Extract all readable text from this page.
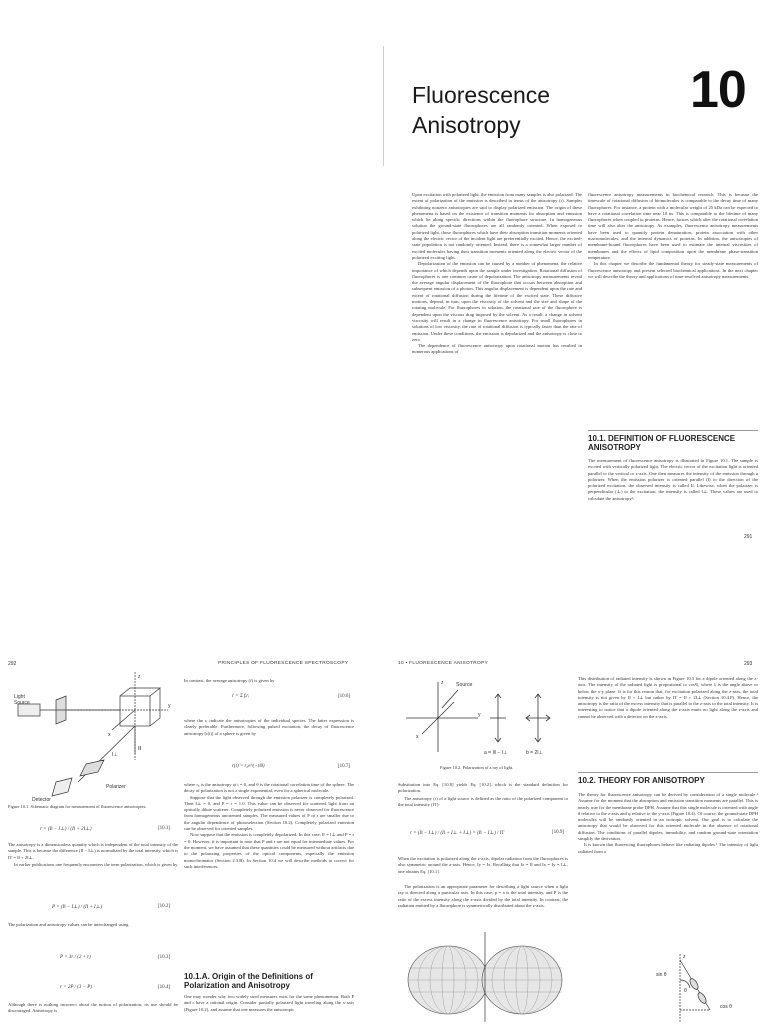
10
Fluorescence
Anisotropy

Upon excitation with polarized light, the emission from many samples is also polarized. The extent of polarization of the emission is described in terms of the anisotropy (r). Samples exhibiting nonzero anisotropies are said to display polarized emission. The origin of these phenomena is based on the existence of transition moments for absorption and emission which lie along specific directions within the fluorophore structure. In homogeneous solution the ground-state fluorophores are all randomly oriented. When exposed to polarized light, those fluorophores which have their absorption transition moments oriented along the electric vector of the incident light are preferentially excited. Hence, the excited-state population is not randomly oriented. Instead, there is a somewhat larger number of excited molecules having their transition moments oriented along the electric vector of the polarized exciting light.

Depolarization of the emission can be caused by a number of phenomena, the relative importance of which depends upon the sample under investigation. Rotational diffusion of fluorophores is one common cause of depolarization. The anisotropy measurements reveal the average angular displacement of the fluorophore that occurs between absorption and subsequent emission of a photon. This angular displacement is dependent upon the rate and extent of rotational diffusion during the lifetime of the excited state. These diffusive motions, depend, in turn, upon the viscosity of the solvent and the size and shape of the rotating molecule. For fluorophores in solution, the rotational rate of the fluorophore is dependent upon the viscous drag imposed by the solvent. As a result, a change in solvent viscosity will result in a change in fluorescence anisotropy. For small fluorophores in solutions of low viscosity, the rate of rotational diffusion is typically faster than the rate of emission. Under these conditions, the emission is depolarized and the anisotropy is close to zero.

The dependence of fluorescence anisotropy upon rotational motion has resulted in numerous applications of

fluorescence anisotropy measurements in biochemical research. This is because the timescale of rotational diffusion of biomolecules is comparable to the decay time of many fluorophores. For instance, a protein with a molecular weight of 25 kDa can be expected to have a rotational correlation time near 10 ns. This is comparable to the lifetime of many fluorophores when coupled to proteins. Hence, factors which alter the rotational correlation time will also alter the anisotropy. As examples, fluorescence anisotropy measurements have been used to quantify protein denaturation, protein association with other macromolecules, and the internal dynamics of proteins. In addition, the anisotropies of membrane-bound fluorophores have been used to estimate the internal viscosities of membranes and the effects of lipid composition upon the membrane phase-transition temperature.

In this chapter we describe the fundamental theory for steady-state measurements of fluorescence anisotropy and present selected biochemical applications. In the next chapter we will describe the theory and applications of time-resolved anisotropy measurements.

10.1. DEFINITION OF FLUORESCENCE ANISOTROPY
The measurement of fluorescence anisotropy is illustrated in Figure 10.1. The sample is excited with vertically polarized light. The electric vector of the excitation light is oriented parallel to the vertical or z-axis. One then measures the intensity of the emission through a polarizer. When the emission polarizer is oriented parallel (‖) to the direction of the polarized excitation, the observed intensity is called I‖. Likewise, when the polarizer is perpendicular (⊥) to the excitation, the intensity is called I⊥. These values are used to calculate the anisotropy¹:
291
292	PRINCIPLES OF FLUORESCENCE SPECTROSCOPY
Light
Source
Polarizer
Detector
z
y
x
I‖
I⊥
Figure 10.1. Schematic diagram for measurement of fluorescence anisotropies.
r = (I‖ − I⊥) / (I‖ + 2I⊥)	[10.1]
The anisotropy is a dimensionless quantity which is independent of the total intensity of the sample. This is because the difference (I‖ − I⊥) is normalized by the total intensity, which is IT = I‖ + 2I⊥.
In earlier publications one frequently encounters the term polarization, which is given by
P = (I‖ − I⊥) / (I‖ + I⊥)	[10.2]
The polarization and anisotropy values can be interchanged using
P = 3r / (2 + r)	[10.3]
r = 2P / (3 − P)	[10.4]
Although there is nothing incorrect about the notion of polarization, its use should be discouraged. Anisotropy is
In contrast, the average anisotropy (r̄) is given by
r̄ = Σ fᵢrᵢ	[10.6]
where the rᵢ indicate the anisotropies of the individual species. The latter expression is clearly preferable. Furthermore, following pulsed excitation, the decay of fluorescence anisotropy [r(t)] of a sphere is given by
r(t) = r₀e^(−t/θ)	[10.7]

where r₀ is the anisotropy at t = 0, and θ is the rotational correlation time of the sphere. The decay of polarization is not a single exponential, even for a spherical molecule.

Suppose that the light observed through the emission polarizer is completely polarized. Then I⊥ = 0, and P = r = 1.0. This value can be observed for scattered light from an optically dilute scatterer. Completely polarized emission is never observed for fluorescence from homogeneous unoriented samples. The measured values of P or r are smaller due to the angular dependence of photoselection (Section 10.2). Completely polarized emission can be observed for oriented samples.

Now suppose that the emission is completely depolarized. In this case, I‖ = I⊥ and P = r = 0. However, it is important to note that P and r are not equal for intermediate values. For the moment, we have assumed that these quantities could be measured without artifacts due to the polarizing properties of the optical components, especially the emission monochromator (Section 2.3.B). In Section 10.4 we will describe methods to correct for such interferences.

10.1.A. Origin of the Definitions of Polarization and Anisotropy
One may wonder why two widely used measures exist for the same phenomenon. Both P and r have a rational origin. Consider partially polarized light traveling along the x-axis (Figure 10.2), and assume that one measures the anisotropic
10 • FLUORESCENCE ANISOTROPY	293
Source
z
y
x
a = I‖ − I⊥	b = 2I⊥
Figure 10.2. Polarization of a ray of light.
Substitution into Eq. [10.8] yields Eq. [10.2], which is the standard definition for polarization.
The anisotropy (r) of a light source is defined as the ratio of the polarized component to the total intensity (IT):
r = (I‖ − I⊥) / (I‖ + I⊥ + I⊥) = (I‖ − I⊥) / IT	[10.9]
When the excitation is polarized along the z-axis, dipolar radiation from the fluorophores is also symmetric around the z-axis. Hence, Iy = Ix. Recalling that Iz = I‖ and Ix = Iy = I⊥, one obtains Eq. [10.1].
The polarization is an appropriate parameter for describing a light source when a light ray is directed along a particular axis. In this case, p = a is the total intensity, and P is the ratio of the excess intensity along the z-axis divided by the total intensity. In contrast, the radiation emitted by a fluorophore is symmetrically distributed about the z-axis.
sin θ
cos θ
θ
z
This distribution of radiated intensity is shown in Figure 10.3 for a dipole oriented along the z-axis. The intensity of the radiated light is proportional to cos²ξ, where ξ is the angle above or below the x-y plane. It is for this reason that, for excitation polarized along the z-axis, the total intensity is not given by I‖ + I⊥ but rather by IT = I‖ + 2I⊥ (Section 10.4.F). Hence, the anisotropy is the ratio of the excess intensity that is parallel to the z-axis to the total intensity. It is interesting to notice that a dipole oriented along the z-axis emits no light along the z-axis and cannot be observed with a detector on the z-axis.
10.2. THEORY FOR ANISOTROPY

The theory for fluorescence anisotropy can be derived by consideration of a single molecule.¹ Assume for the moment that the absorption and emission transition moments are parallel. This is nearly true for the membrane probe DPH. Assume that this single molecule is oriented with angle θ relative to the z-axis and φ relative to the y-axis (Figure 10.4). Of course, the ground-state DPH molecules will be randomly oriented in an isotropic solvent. Our goal is to calculate the anisotropy that would be observed for this oriented molecule in the absence of rotational diffusion. The conditions of parallel dipoles, immobility, and random ground-state orientation simplify the derivation.

It is known that fluorescing fluorophores behave like radiating dipoles.¹ The intensity of light radiated from a
